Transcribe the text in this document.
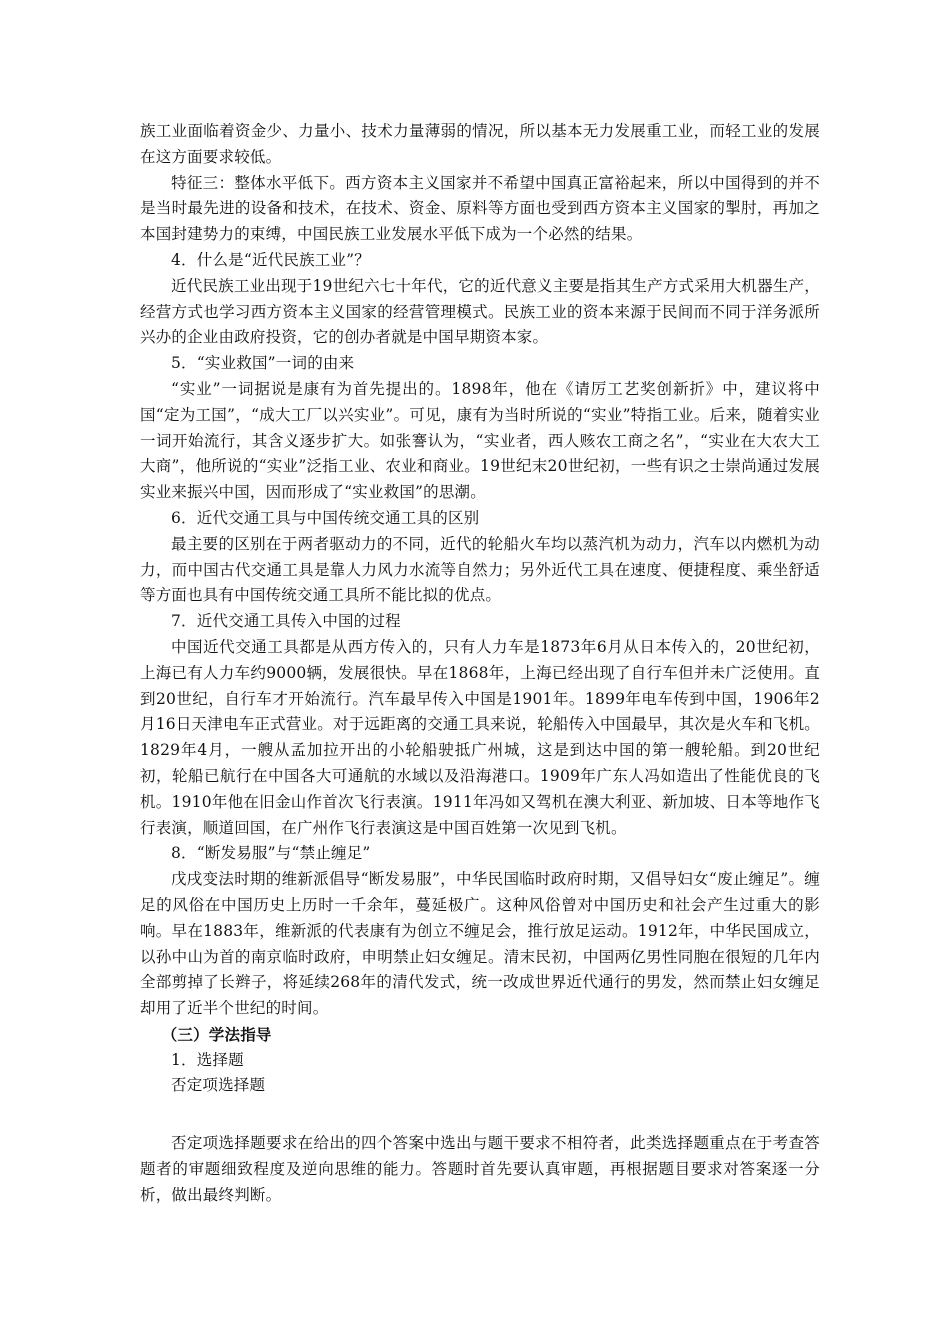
族工业面临着资金少、力量小、技术力量薄弱的情况，所以基本无力发展重工业，而轻工业的发展在这方面要求较低。

特征三：整体水平低下。西方资本主义国家并不希望中国真正富裕起来，所以中国得到的并不是当时最先进的设备和技术，在技术、资金、原料等方面也受到西方资本主义国家的掣肘，再加之本国封建势力的束缚，中国民族工业发展水平低下成为一个必然的结果。

4．什么是“近代民族工业”？

近代民族工业出现于19世纪六七十年代，它的近代意义主要是指其生产方式采用大机器生产，经营方式也学习西方资本主义国家的经营管理模式。民族工业的资本来源于民间而不同于洋务派所兴办的企业由政府投资，它的创办者就是中国早期资本家。

5．“实业救国”一词的由来

“实业”一词据说是康有为首先提出的。1898年，他在《请厉工艺奖创新折》中，建议将中国“定为工国”，“成大工厂以兴实业”。可见，康有为当时所说的“实业”特指工业。后来，随着实业一词开始流行，其含义逐步扩大。如张謇认为，“实业者，西人赅农工商之名”，“实业在大农大工大商”，他所说的“实业”泛指工业、农业和商业。19世纪末20世纪初，一些有识之士崇尚通过发展实业来振兴中国，因而形成了“实业救国”的思潮。

6．近代交通工具与中国传统交通工具的区别

最主要的区别在于两者驱动力的不同，近代的轮船火车均以蒸汽机为动力，汽车以内燃机为动力，而中国古代交通工具是靠人力风力水流等自然力；另外近代工具在速度、便捷程度、乘坐舒适等方面也具有中国传统交通工具所不能比拟的优点。

7．近代交通工具传入中国的过程

中国近代交通工具都是从西方传入的，只有人力车是1873年6月从日本传入的，20世纪初，上海已有人力车约9000辆，发展很快。早在1868年，上海已经出现了自行车但并未广泛使用。直到20世纪，自行车才开始流行。汽车最早传入中国是1901年。1899年电车传到中国，1906年2月16日天津电车正式营业。对于远距离的交通工具来说，轮船传入中国最早，其次是火车和飞机。1829年4月，一艘从孟加拉开出的小轮船驶抵广州城，这是到达中国的第一艘轮船。到20世纪初，轮船已航行在中国各大可通航的水域以及沿海港口。1909年广东人冯如造出了性能优良的飞机。1910年他在旧金山作首次飞行表演。1911年冯如又驾机在澳大利亚、新加坡、日本等地作飞行表演，顺道回国，在广州作飞行表演这是中国百姓第一次见到飞机。

8．“断发易服”与“禁止缠足”

戊戌变法时期的维新派倡导“断发易服”，中华民国临时政府时期，又倡导妇女“废止缠足”。缠足的风俗在中国历史上历时一千余年，蔓延极广。这种风俗曾对中国历史和社会产生过重大的影响。早在1883年，维新派的代表康有为创立不缠足会，推行放足运动。1912年，中华民国成立，以孙中山为首的南京临时政府，申明禁止妇女缠足。清末民初，中国两亿男性同胞在很短的几年内全部剪掉了长辫子，将延续268年的清代发式，统一改成世界近代通行的男发，然而禁止妇女缠足却用了近半个世纪的时间。

（三）学法指导

1．选择题

否定项选择题

否定项选择题要求在给出的四个答案中选出与题干要求不相符者，此类选择题重点在于考查答题者的审题细致程度及逆向思维的能力。答题时首先要认真审题，再根据题目要求对答案逐一分析，做出最终判断。
